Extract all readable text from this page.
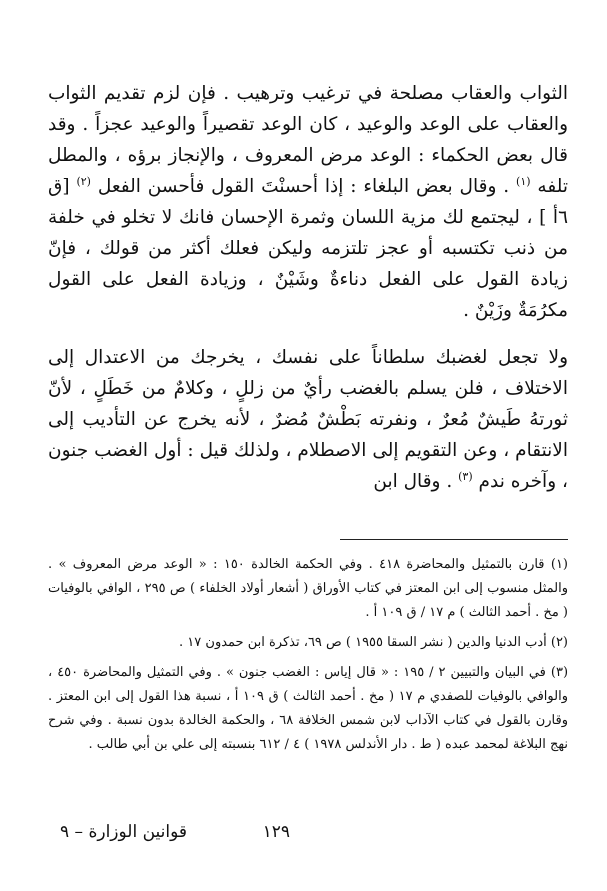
الثواب والعقاب مصلحة في ترغيب وترهيب . فإن لزم تقديم الثواب والعقاب على الوعد والوعيد ، كان الوعد تقصيراً والوعيد عجزاً . وقد قال بعض الحكماء : الوعد مرض المعروف ، والإنجاز برؤه ، والمطل تلفه $^{(١)}$ . وقال بعض البلغاء : إذا أحسنْتَ القول فأحسن الفعل $^{(٢)}$ [ق ٦أ ] ، ليجتمع لك مزية اللسان وثمرة الإحسان فانك لا تخلو في خلفة من ذنب تكتسبه أو عجز تلتزمه وليكن فعلك أكثر من قولك ، فإنّ زيادة القول على الفعل دناءةٌ وشَيْنٌ ، وزيادة الفعل على القول مكرُمَةٌ وزَيْنٌ .

ولا تجعل لغضبك سلطاناً على نفسك ، يخرجك من الاعتدال إلى الاختلاف ، فلن يسلم بالغضب رأيٌ من زللٍ ، وكلامٌ من خَطَلٍ ، لأنّ ثورتهُ طَيشٌ مُعرٌ ، ونفرته بَطْشٌ مُضرٌ ، لأنه يخرج عن التأديب إلى الانتقام ، وعن التقويم إلى الاصطلام ، ولذلك قيل : أول الغضب جنون ، وآخره ندم $^{(٣)}$ . وقال ابن

(١) قارن بالتمثيل والمحاضرة ٤١٨ . وفي الحكمة الخالدة ١٥٠ : « الوعد مرض المعروف » . والمثل منسوب إلى ابن المعتز في كتاب الأوراق ( أشعار أولاد الخلفاء ) ص ٢٩٥ ، الوافي بالوفيات ( مخ . أحمد الثالث ) م ١٧ / ق ١٠٩ أ .

(٢) أدب الدنيا والدين ( نشر السقا ١٩٥٥ ) ص ٦٩، تذكرة ابن حمدون ١٧ .

(٣) في البيان والتبيين ٢ / ١٩٥ : « قال إياس : الغضب جنون » . وفي التمثيل والمحاضرة ٤٥٠ ، والوافي بالوفيات للصفدي م ١٧ ( مخ . أحمد الثالث ) ق ١٠٩ أ ، نسبة هذا القول إلى ابن المعتز . وقارن بالقول في كتاب الآداب لابن شمس الخلافة ٦٨ ، والحكمة الخالدة بدون نسبة . وفي شرح نهج البلاغة لمحمد عبده ( ط . دار الأندلس ١٩٧٨ ) ٤ / ٦١٢ بنسبته إلى علي بن أبي طالب .

١٢٩
قوانين الوزارة – ٩
